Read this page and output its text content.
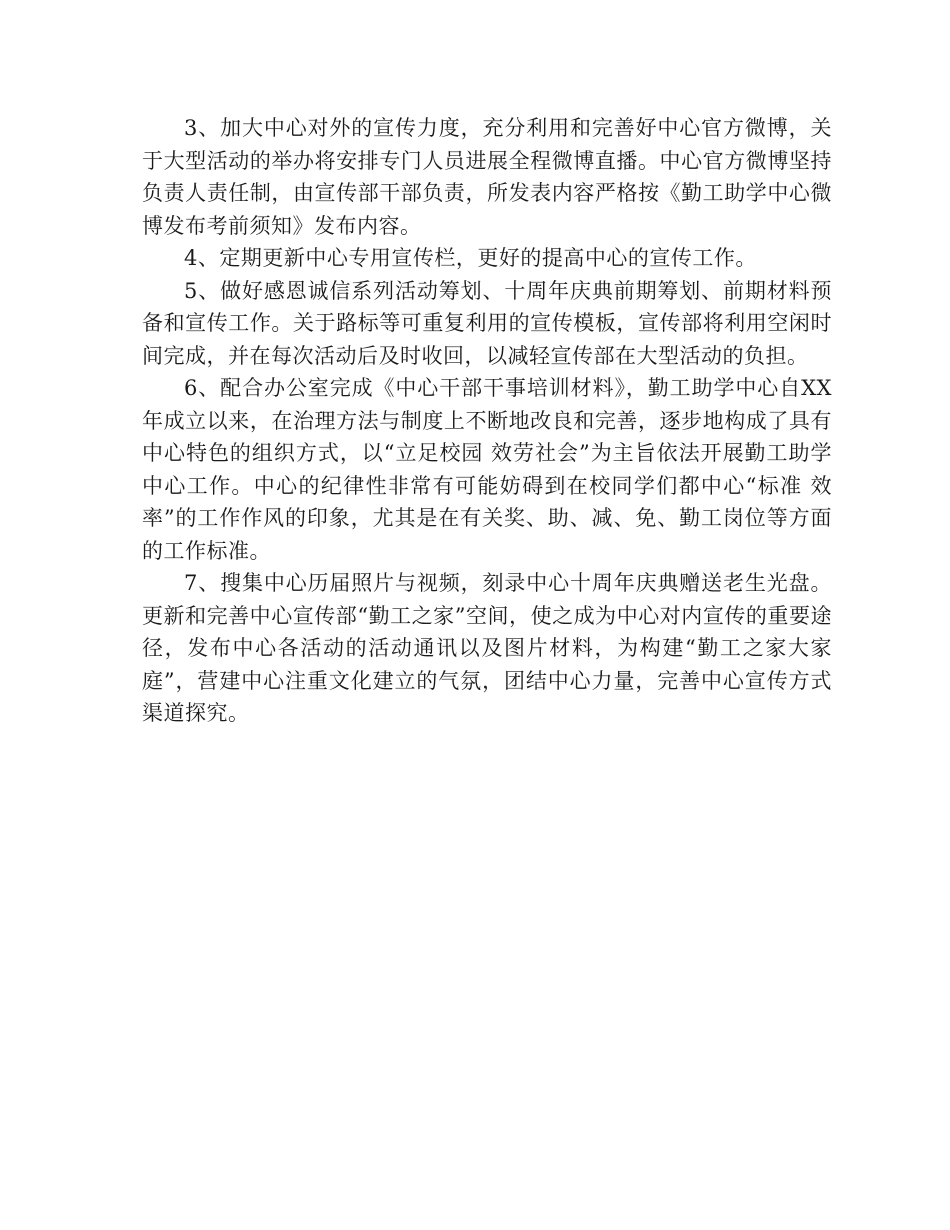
3、加大中心对外的宣传力度，充分利用和完善好中心官方微博，关于大型活动的举办将安排专门人员进展全程微博直播。中心官方微博坚持负责人责任制，由宣传部干部负责，所发表内容严格按《勤工助学中心微博发布考前须知》发布内容。

4、定期更新中心专用宣传栏，更好的提高中心的宣传工作。

5、做好感恩诚信系列活动筹划、十周年庆典前期筹划、前期材料预备和宣传工作。关于路标等可重复利用的宣传模板，宣传部将利用空闲时间完成，并在每次活动后及时收回，以减轻宣传部在大型活动的负担。

6、配合办公室完成《中心干部干事培训材料》，勤工助学中心自XX年成立以来，在治理方法与制度上不断地改良和完善，逐步地构成了具有中心特色的组织方式，以“立足校园 效劳社会”为主旨依法开展勤工助学中心工作。中心的纪律性非常有可能妨碍到在校同学们都中心“标准 效率”的工作作风的印象，尤其是在有关奖、助、减、免、勤工岗位等方面的工作标准。

7、搜集中心历届照片与视频，刻录中心十周年庆典赠送老生光盘。更新和完善中心宣传部“勤工之家”空间，使之成为中心对内宣传的重要途径，发布中心各活动的活动通讯以及图片材料，为构建“勤工之家大家庭”，营建中心注重文化建立的气氛，团结中心力量，完善中心宣传方式渠道探究。
